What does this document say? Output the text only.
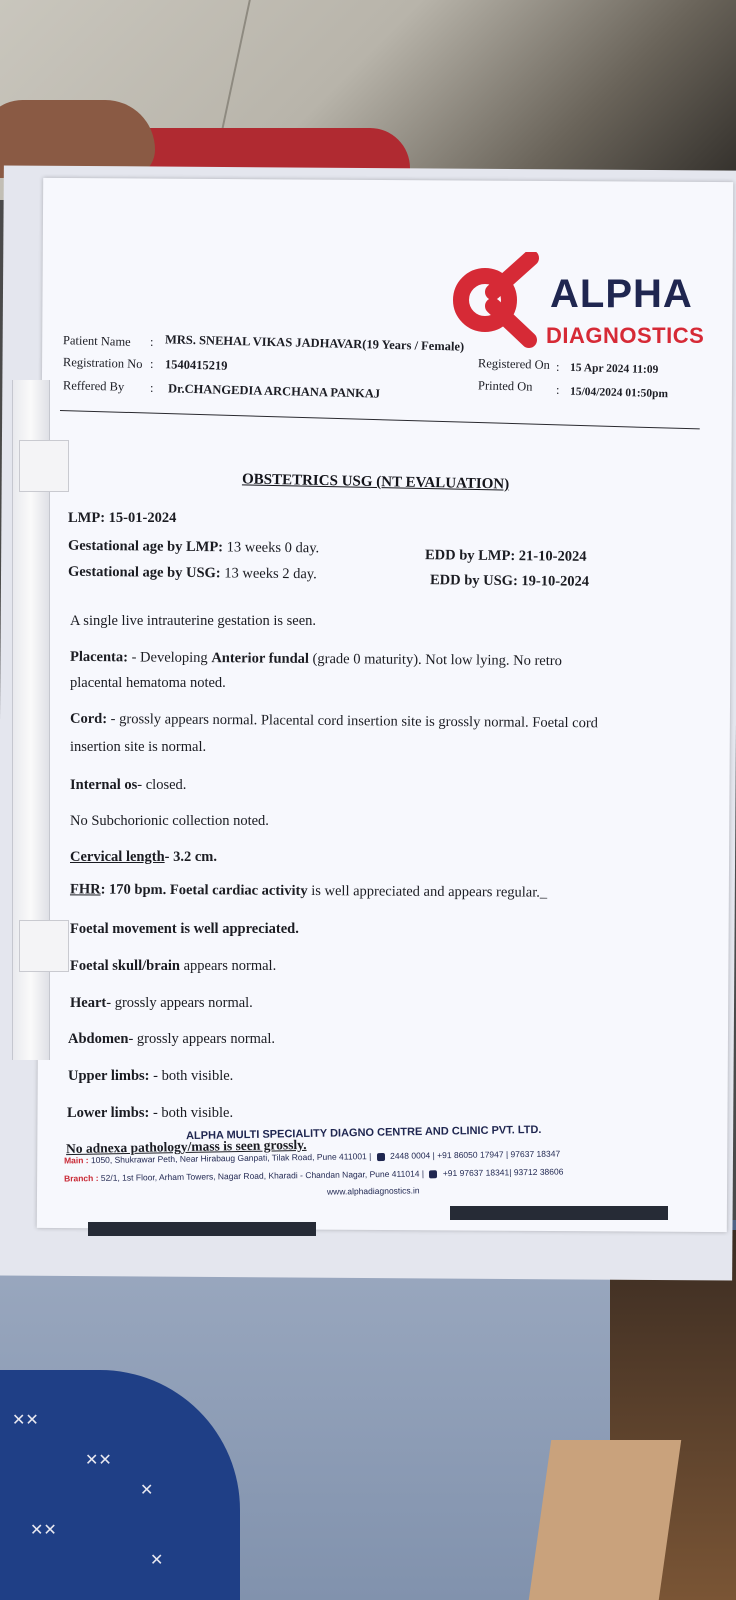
✕✕
✕✕
✕
✕✕
✕
ALPHA
DIAGNOSTICS
Patient Name : MRS. SNEHAL VIKAS JADHAVAR(19 Years / Female)
Registration No : 1540415219
Reffered By : Dr.CHANGEDIA ARCHANA PANKAJ
Registered On : 15 Apr 2024 11:09
Printed On : 15/04/2024 01:50pm
OBSTETRICS USG (NT EVALUATION)
LMP: 15-01-2024
Gestational age by LMP: 13 weeks 0 day.
Gestational age by USG: 13 weeks 2 day.
EDD by LMP: 21-10-2024
EDD by USG: 19-10-2024
A single live intrauterine gestation is seen.
Placenta: - Developing Anterior fundal (grade 0 maturity). Not low lying. No retro
placental hematoma noted.
Cord: - grossly appears normal. Placental cord insertion site is grossly normal. Foetal cord
insertion site is normal.
Internal os- closed.
No Subchorionic collection noted.
Cervical length- 3.2 cm.
FHR: 170 bpm. Foetal cardiac activity is well appreciated and appears regular._
Foetal movement is well appreciated.
Foetal skull/brain appears normal.
Heart- grossly appears normal.
Abdomen- grossly appears normal.
Upper limbs: - both visible.
Lower limbs: - both visible.
No adnexa pathology/mass is seen grossly.
ALPHA MULTI SPECIALITY DIAGNO CENTRE AND CLINIC PVT. LTD.
Main : 1050, Shukrawar Peth, Near Hirabaug Ganpati, Tilak Road, Pune 411001 | 2448 0004 | +91 86050 17947 | 97637 18347
Branch : 52/1, 1st Floor, Arham Towers, Nagar Road, Kharadi - Chandan Nagar, Pune 411014 | +91 97637 18341| 93712 38606
www.alphadiagnostics.in
